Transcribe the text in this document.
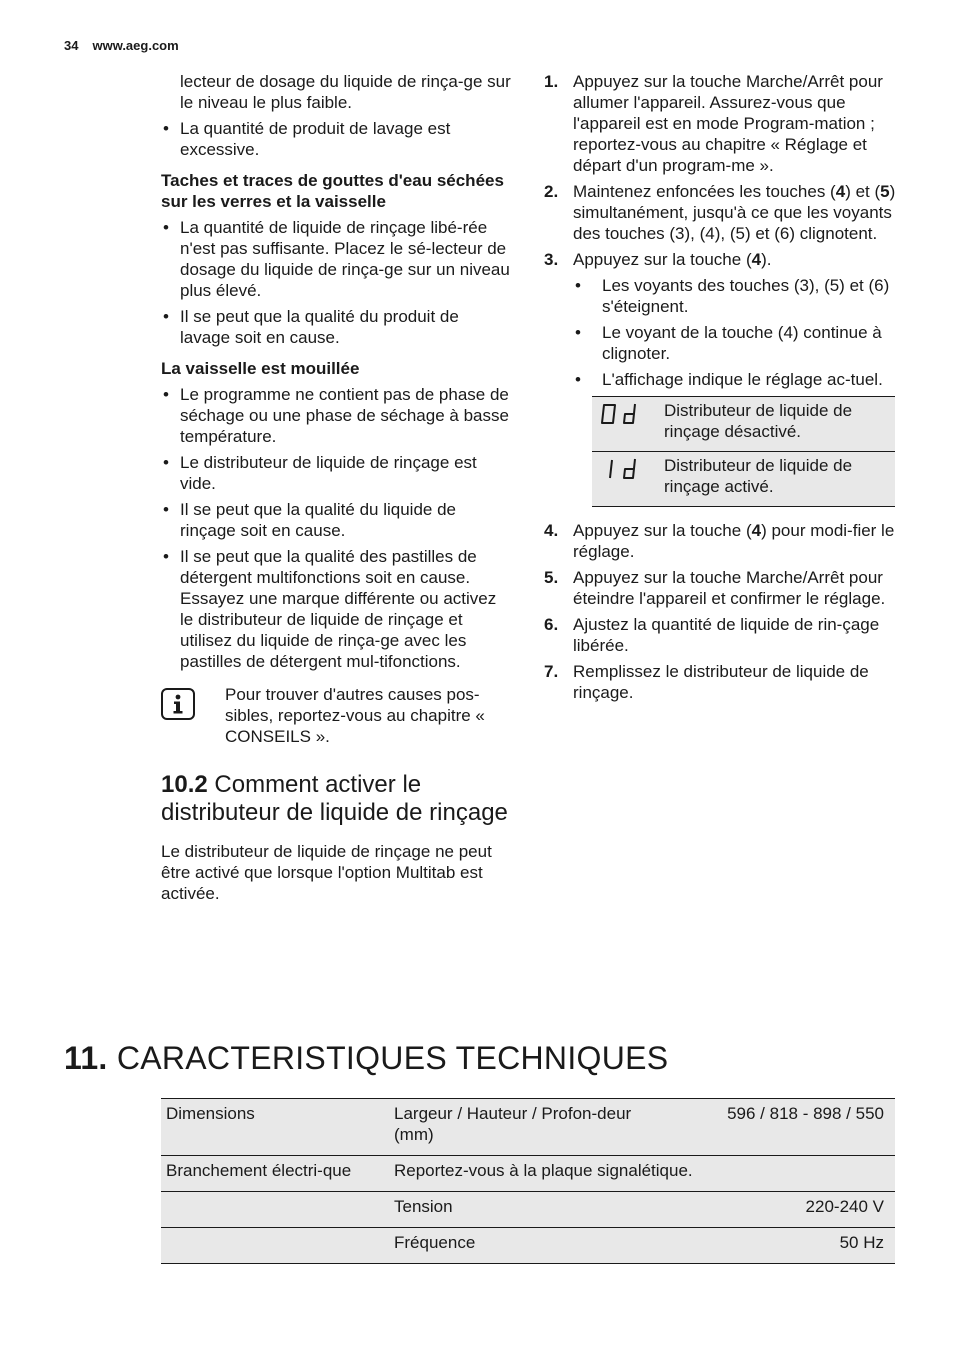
34 www.aeg.com

lecteur de dosage du liquide de rinça-ge sur le niveau le plus faible.

• La quantité de produit de lavage est excessive.

Taches et traces de gouttes d'eau séchées sur les verres et la vaisselle

• La quantité de liquide de rinçage libé-rée n'est pas suffisante. Placez le sé-lecteur de dosage du liquide de rinça-ge sur un niveau plus élevé.
• Il se peut que la qualité du produit de lavage soit en cause.

La vaisselle est mouillée

• Le programme ne contient pas de phase de séchage ou une phase de séchage à basse température.
• Le distributeur de liquide de rinçage est vide.
• Il se peut que la qualité du liquide de rinçage soit en cause.
• Il se peut que la qualité des pastilles de détergent multifonctions soit en cause. Essayez une marque différente ou activez le distributeur de liquide de rinçage et utilisez du liquide de rinça-ge avec les pastilles de détergent mul-tifonctions.

Pour trouver d'autres causes pos-sibles, reportez-vous au chapitre « CONSEILS ».

10.2 Comment activer le distributeur de liquide de rinçage

Le distributeur de liquide de rinçage ne peut être activé que lorsque l'option Multitab est activée.

1. Appuyez sur la touche Marche/Arrêt pour allumer l'appareil. Assurez-vous que l'appareil est en mode Program-mation ; reportez-vous au chapitre « Réglage et départ d'un program-me ».
2. Maintenez enfoncées les touches (4) et (5) simultanément, jusqu'à ce que les voyants des touches (3), (4), (5) et (6) clignotent.
3. Appuyez sur la touche (4).
• Les voyants des touches (3), (5) et (6) s'éteignent.
• Le voyant de la touche (4) continue à clignoter.
• L'affichage indique le réglage ac-tuel.
	Distributeur de liquide de rinçage désactivé.
	Distributeur de liquide de rinçage activé.
4. Appuyez sur la touche (4) pour modi-fier le réglage.
5. Appuyez sur la touche Marche/Arrêt pour éteindre l'appareil et confirmer le réglage.
6. Ajustez la quantité de liquide de rin-çage libérée.
7. Remplissez le distributeur de liquide de rinçage.
11. CARACTERISTIQUES TECHNIQUES
Dimensions	Largeur / Hauteur / Profon-deur (mm)	596 / 818 - 898 / 550
Branchement électri-que	Reportez-vous à la plaque signalétique.	
	Tension	220-240 V
	Fréquence	50 Hz
